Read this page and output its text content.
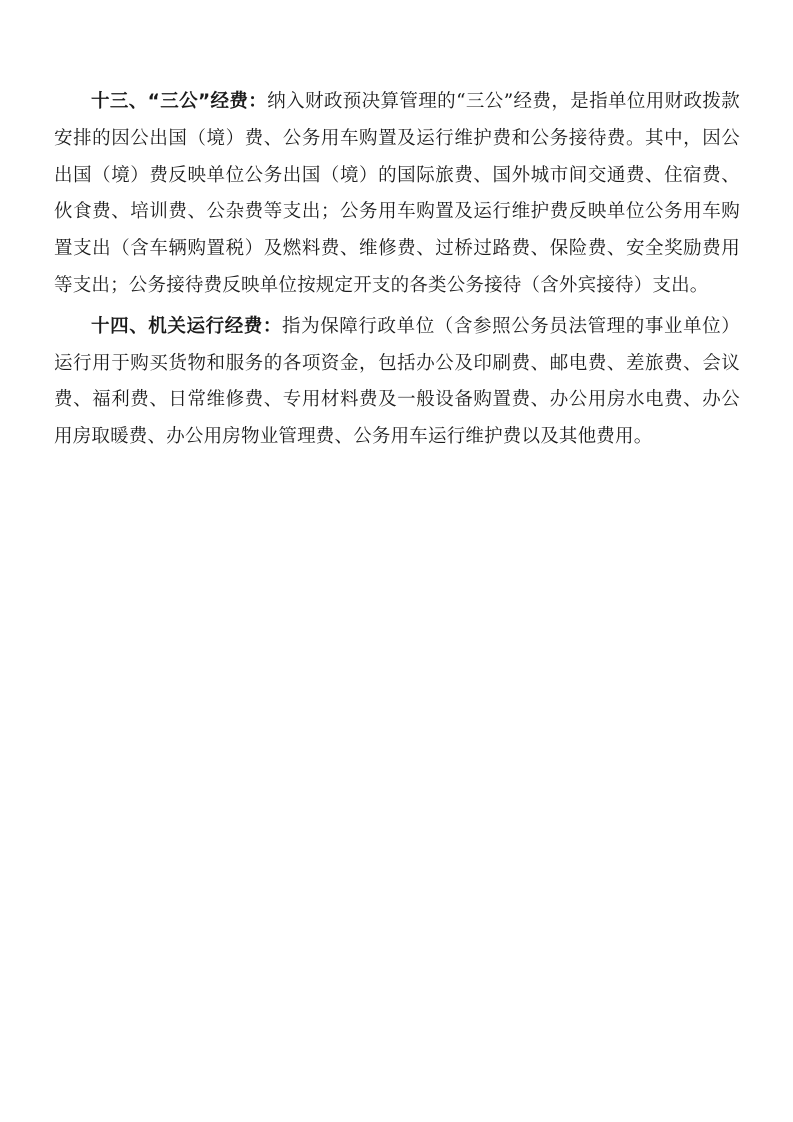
十三、“三公”经费：纳入财政预决算管理的“三公”经费，是指单位用财政拨款安排的因公出国（境）费、公务用车购置及运行维护费和公务接待费。其中，因公出国（境）费反映单位公务出国（境）的国际旅费、国外城市间交通费、住宿费、伙食费、培训费、公杂费等支出；公务用车购置及运行维护费反映单位公务用车购置支出（含车辆购置税）及燃料费、维修费、过桥过路费、保险费、安全奖励费用等支出；公务接待费反映单位按规定开支的各类公务接待（含外宾接待）支出。

十四、机关运行经费：指为保障行政单位（含参照公务员法管理的事业单位）运行用于购买货物和服务的各项资金，包括办公及印刷费、邮电费、差旅费、会议费、福利费、日常维修费、专用材料费及一般设备购置费、办公用房水电费、办公用房取暖费、办公用房物业管理费、公务用车运行维护费以及其他费用。
